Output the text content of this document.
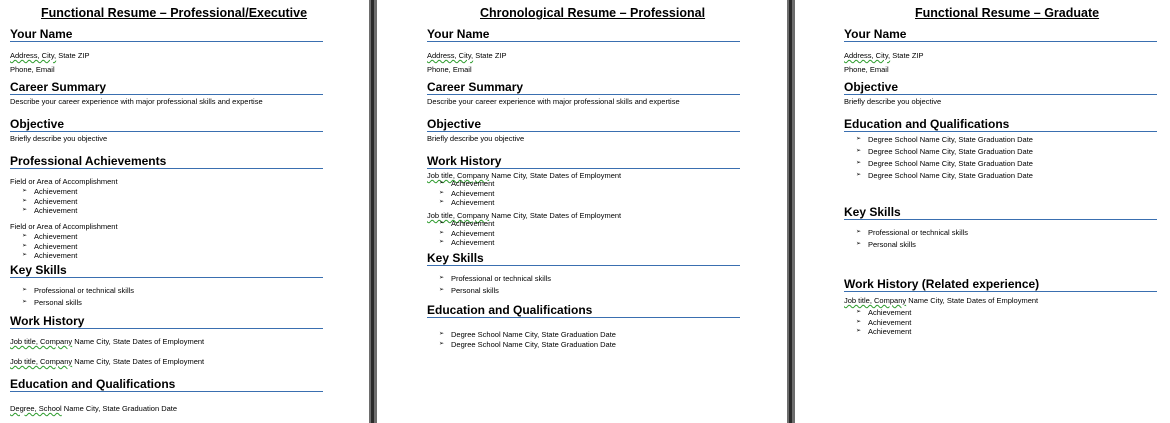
Functional Resume – Professional/Executive
Your Name
Address, City, State ZIP
Phone, Email
Career Summary
Describe your career experience with major professional skills and expertise
Objective
Briefly describe you objective
Professional Achievements
Field or Area of Accomplishment
➢ Achievement
➢ Achievement
➢ Achievement
Field or Area of Accomplishment
➢ Achievement
➢ Achievement
➢ Achievement
Key Skills
➢ Professional or technical skills
➢ Personal skills
Work History
Job title, Company Name City, State Dates of Employment
Job title, Company Name City, State Dates of Employment
Education and Qualifications
Degree, School Name City, State Graduation Date
Chronological Resume – Professional
Your Name
Address, City, State ZIP
Phone, Email
Career Summary
Describe your career experience with major professional skills and expertise
Objective
Briefly describe you objective
Work History
Job title, Company Name City, State Dates of Employment
➢ Achievement
➢ Achievement
➢ Achievement
Job title, Company Name City, State Dates of Employment
➢ Achievement
➢ Achievement
➢ Achievement
Key Skills
➢ Professional or technical skills
➢ Personal skills
Education and Qualifications
➢ Degree School Name City, State Graduation Date
➢ Degree School Name City, State Graduation Date
Functional Resume – Graduate
Your Name
Address, City, State ZIP
Phone, Email
Objective
Briefly describe you objective
Education and Qualifications
➢ Degree School Name City, State Graduation Date
➢ Degree School Name City, State Graduation Date
➢ Degree School Name City, State Graduation Date
➢ Degree School Name City, State Graduation Date
Key Skills
➢ Professional or technical skills
➢ Personal skills
Work History (Related experience)
Job title, Company Name City, State Dates of Employment
➢ Achievement
➢ Achievement
➢ Achievement
